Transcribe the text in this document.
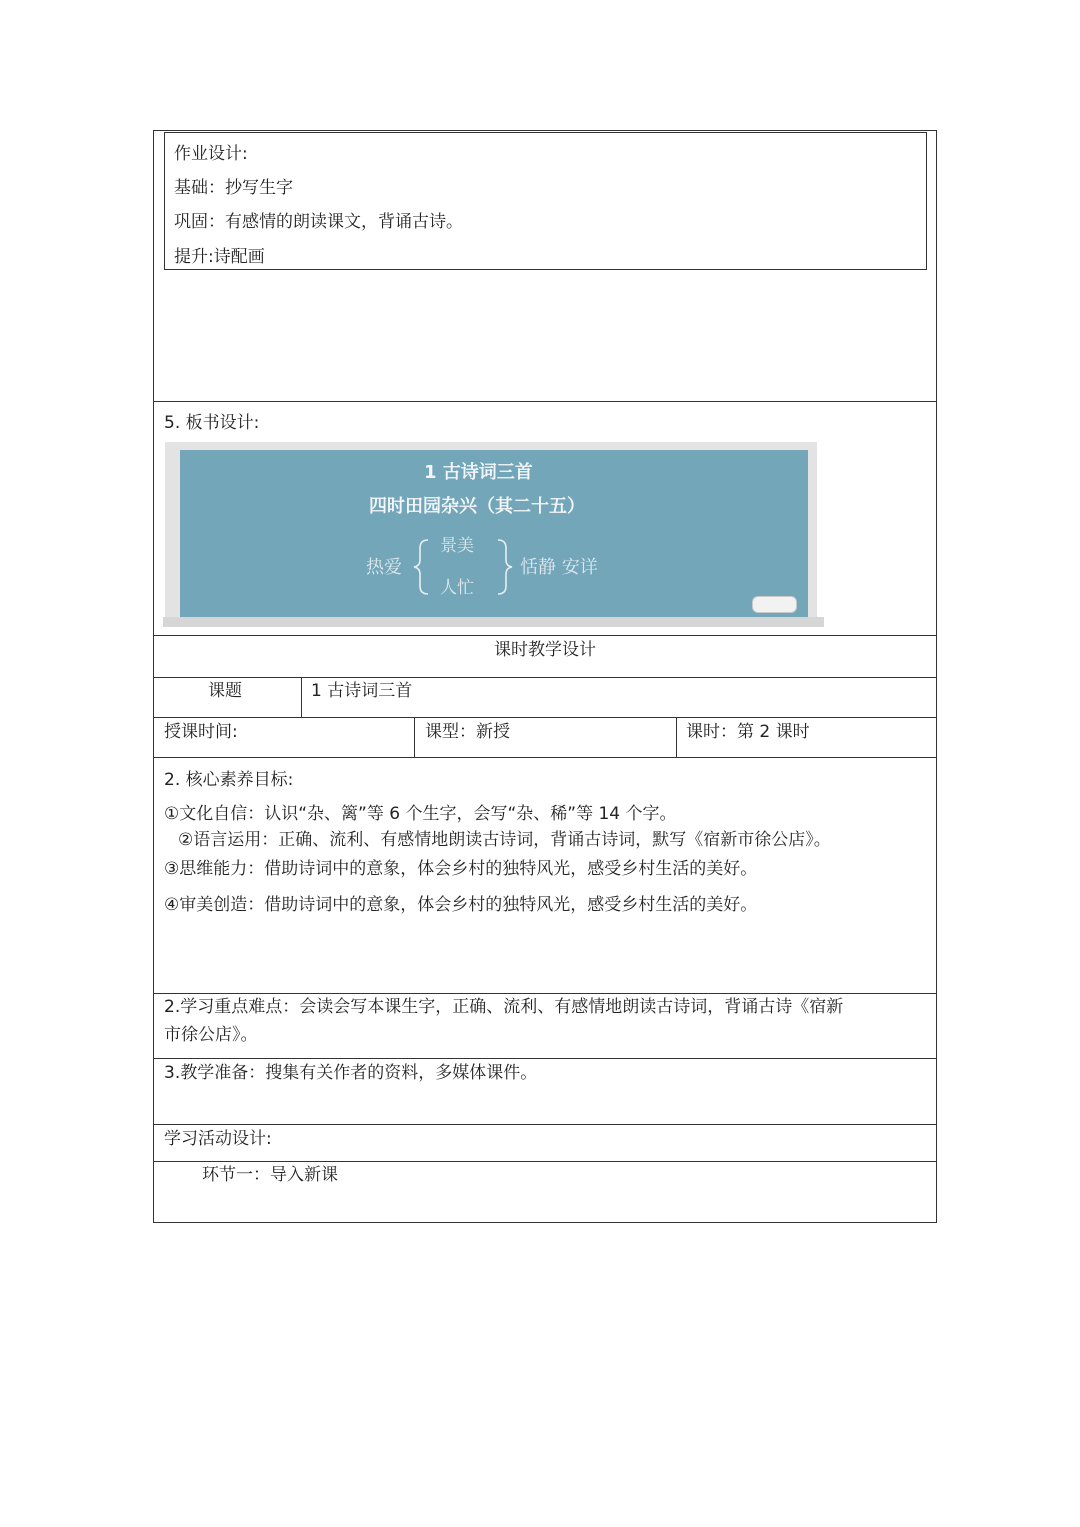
作业设计:
基础：抄写生字
巩固：有感情的朗读课文，背诵古诗。
提升:诗配画
5. 板书设计:
1 古诗词三首
四时田园杂兴（其二十五）
热爱
景美
人忙
恬静 安详
课时教学设计
课题	1 古诗词三首
授课时间:	课型：新授	课时：第 2 课时
2. 核心素养目标:
①文化自信：认识“杂、篱”等 6 个生字，会写“杂、稀”等 14 个字。
②语言运用：正确、流利、有感情地朗读古诗词，背诵古诗词，默写《宿新市徐公店》。
③思维能力：借助诗词中的意象，体会乡村的独特风光，感受乡村生活的美好。
④审美创造：借助诗词中的意象，体会乡村的独特风光，感受乡村生活的美好。
2.学习重点难点：会读会写本课生字，正确、流利、有感情地朗读古诗词，背诵古诗《宿新
市徐公店》。
3.教学准备：搜集有关作者的资料，多媒体课件。
学习活动设计:
环节一：导入新课
